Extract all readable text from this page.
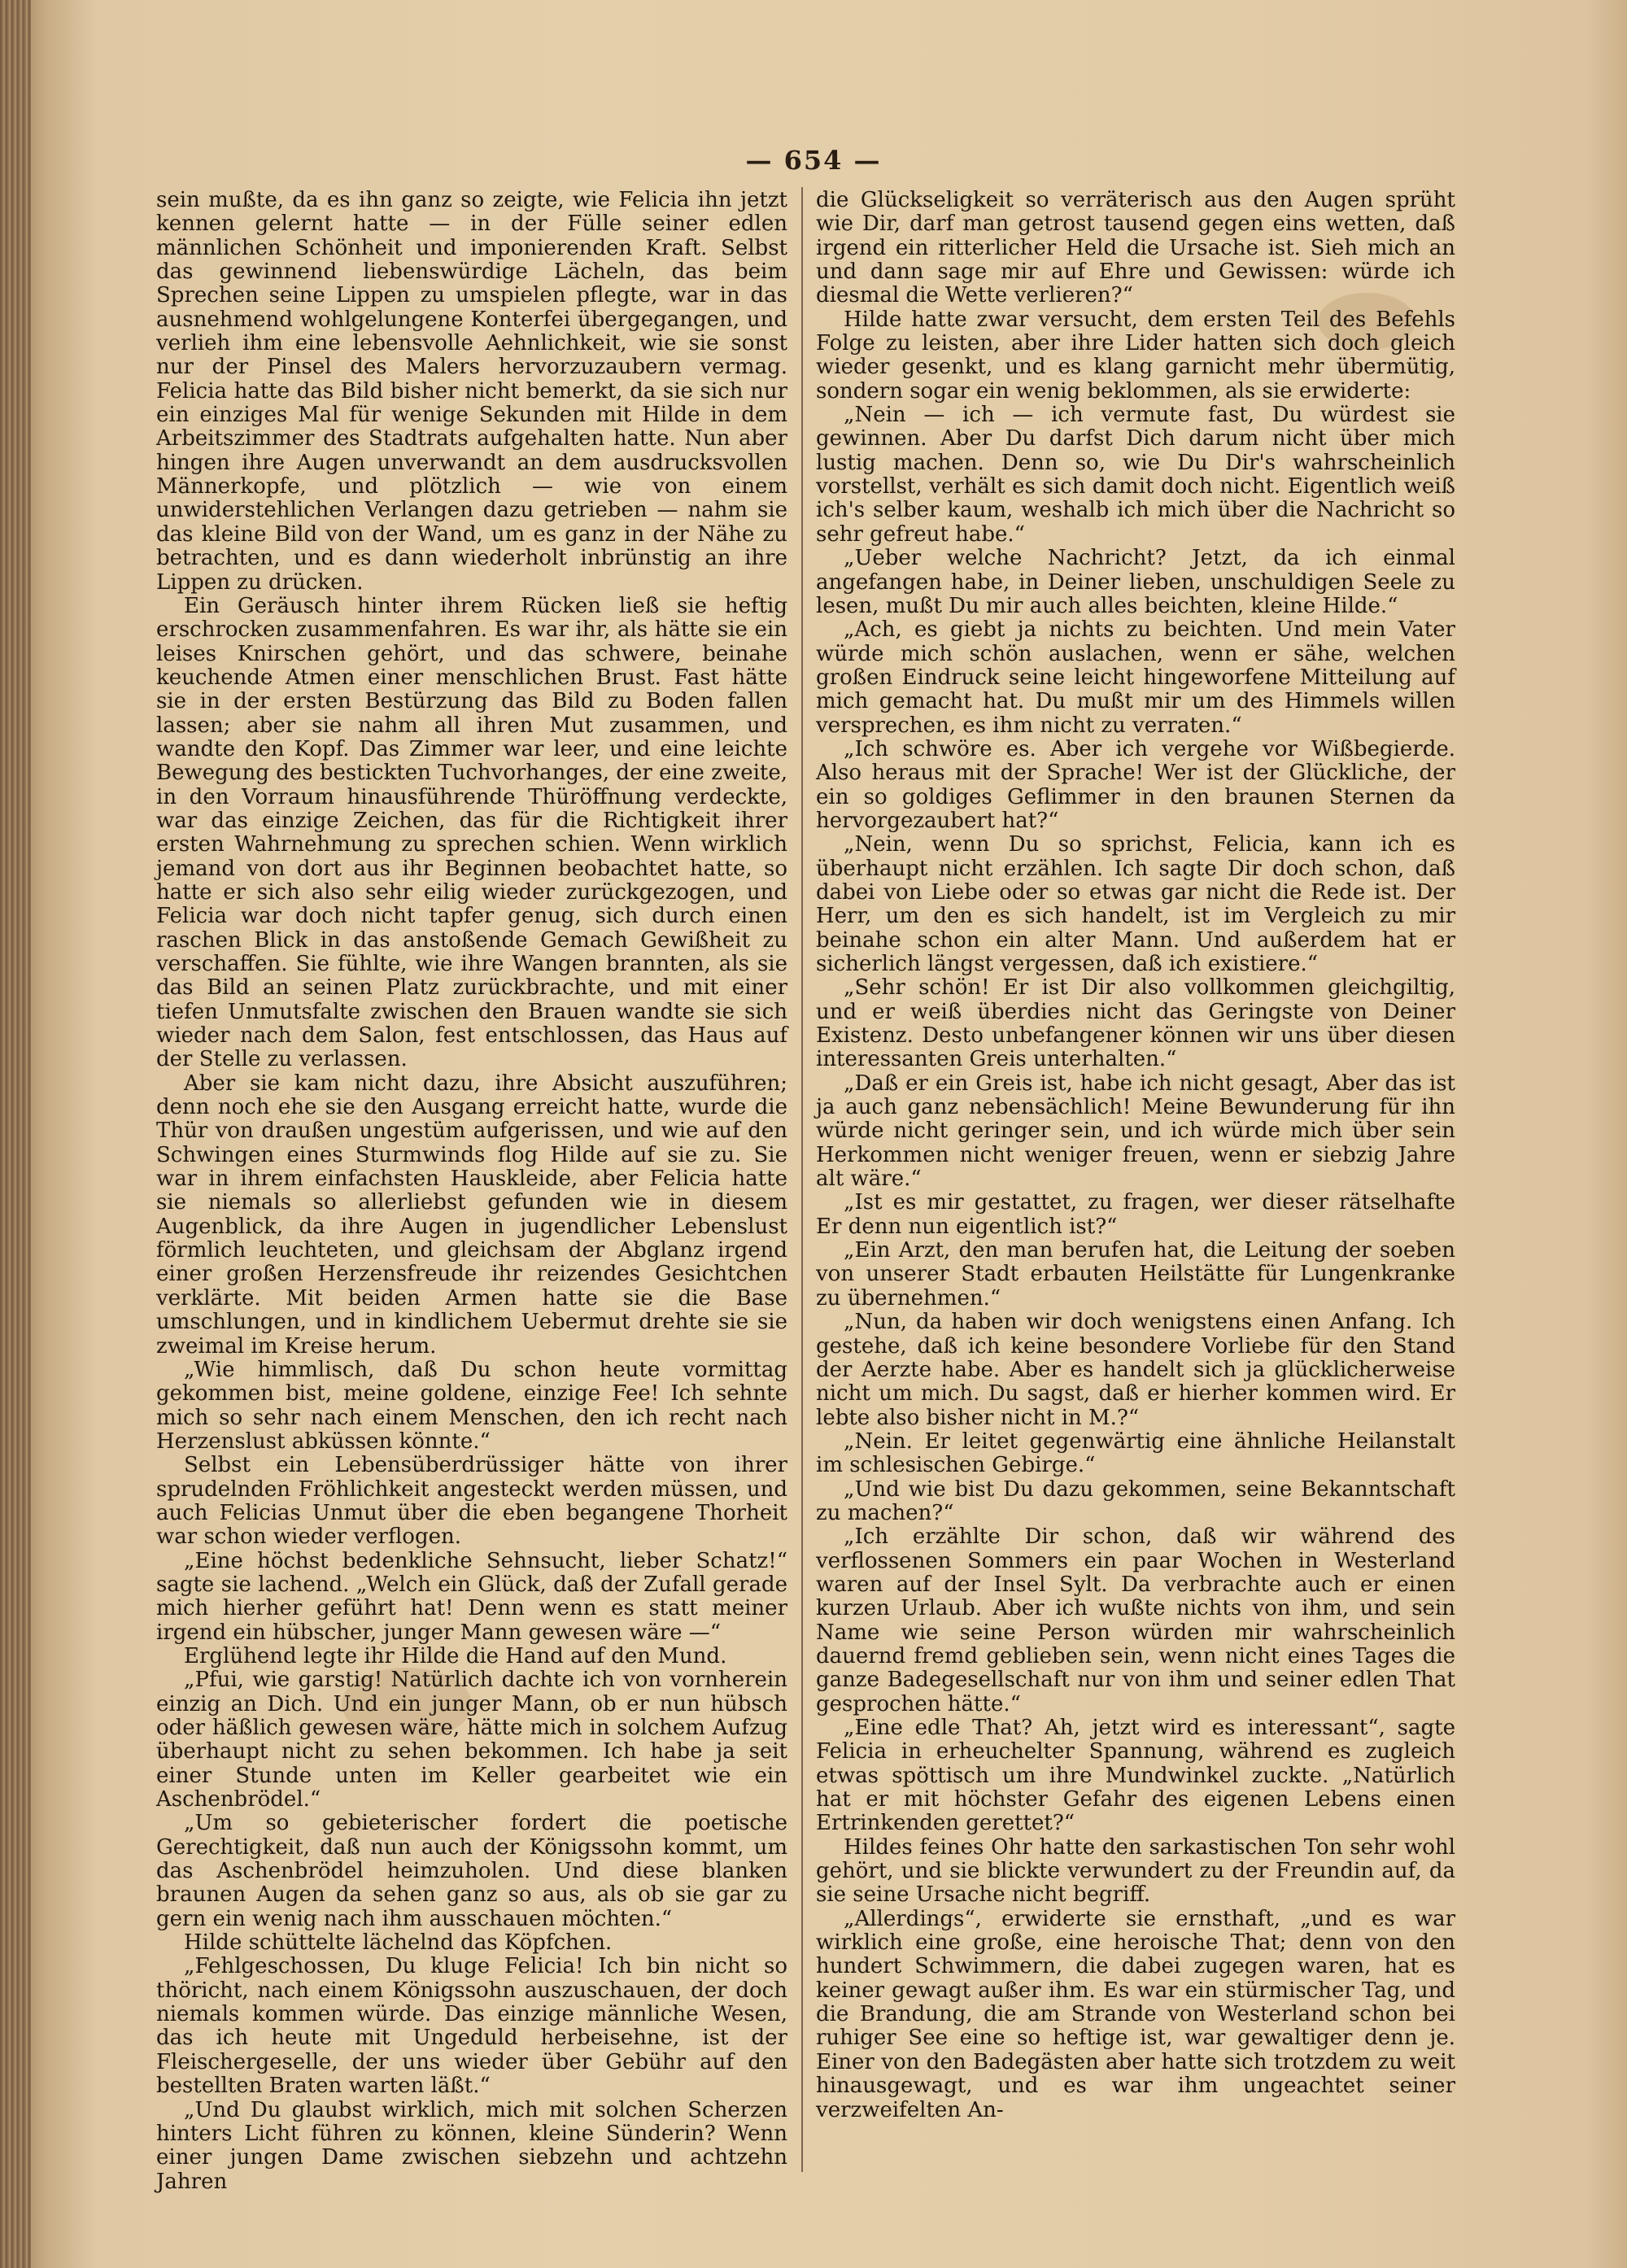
— 654 —

sein mußte, da es ihn ganz so zeigte, wie Felicia ihn jetzt kennen gelernt hatte — in der Fülle seiner edlen männlichen Schönheit und imponierenden Kraft. Selbst das gewinnend liebenswürdige Lächeln, das beim Sprechen seine Lippen zu umspielen pflegte, war in das ausnehmend wohlgelungene Konterfei übergegangen, und verlieh ihm eine lebensvolle Aehnlichkeit, wie sie sonst nur der Pinsel des Malers hervorzuzaubern vermag. Felicia hatte das Bild bisher nicht bemerkt, da sie sich nur ein einziges Mal für wenige Sekunden mit Hilde in dem Arbeitszimmer des Stadtrats aufgehalten hatte. Nun aber hingen ihre Augen unverwandt an dem ausdrucksvollen Männerkopfe, und plötzlich — wie von einem unwiderstehlichen Verlangen dazu getrieben — nahm sie das kleine Bild von der Wand, um es ganz in der Nähe zu betrachten, und es dann wiederholt inbrünstig an ihre Lippen zu drücken.

Ein Geräusch hinter ihrem Rücken ließ sie heftig erschrocken zusammenfahren. Es war ihr, als hätte sie ein leises Knirschen gehört, und das schwere, beinahe keuchende Atmen einer menschlichen Brust. Fast hätte sie in der ersten Bestürzung das Bild zu Boden fallen lassen; aber sie nahm all ihren Mut zusammen, und wandte den Kopf. Das Zimmer war leer, und eine leichte Bewegung des bestickten Tuchvorhanges, der eine zweite, in den Vorraum hinausführende Thüröffnung verdeckte, war das einzige Zeichen, das für die Richtigkeit ihrer ersten Wahrnehmung zu sprechen schien. Wenn wirklich jemand von dort aus ihr Beginnen beobachtet hatte, so hatte er sich also sehr eilig wieder zurückgezogen, und Felicia war doch nicht tapfer genug, sich durch einen raschen Blick in das anstoßende Gemach Gewißheit zu verschaffen. Sie fühlte, wie ihre Wangen brannten, als sie das Bild an seinen Platz zurückbrachte, und mit einer tiefen Unmutsfalte zwischen den Brauen wandte sie sich wieder nach dem Salon, fest entschlossen, das Haus auf der Stelle zu verlassen.

Aber sie kam nicht dazu, ihre Absicht auszuführen; denn noch ehe sie den Ausgang erreicht hatte, wurde die Thür von draußen ungestüm aufgerissen, und wie auf den Schwingen eines Sturmwinds flog Hilde auf sie zu. Sie war in ihrem einfachsten Hauskleide, aber Felicia hatte sie niemals so allerliebst gefunden wie in diesem Augenblick, da ihre Augen in jugendlicher Lebenslust förmlich leuchteten, und gleichsam der Abglanz irgend einer großen Herzensfreude ihr reizendes Gesichtchen verklärte. Mit beiden Armen hatte sie die Base umschlungen, und in kindlichem Uebermut drehte sie sie zweimal im Kreise herum.

„Wie himmlisch, daß Du schon heute vormittag gekommen bist, meine goldene, einzige Fee! Ich sehnte mich so sehr nach einem Menschen, den ich recht nach Herzenslust abküssen könnte.“

Selbst ein Lebensüberdrüssiger hätte von ihrer sprudelnden Fröhlichkeit angesteckt werden müssen, und auch Felicias Unmut über die eben begangene Thorheit war schon wieder verflogen.

„Eine höchst bedenkliche Sehnsucht, lieber Schatz!“ sagte sie lachend. „Welch ein Glück, daß der Zufall gerade mich hierher geführt hat! Denn wenn es statt meiner irgend ein hübscher, junger Mann gewesen wäre —“

Erglühend legte ihr Hilde die Hand auf den Mund.

„Pfui, wie garstig! Natürlich dachte ich von vornherein einzig an Dich. Und ein junger Mann, ob er nun hübsch oder häßlich gewesen wäre, hätte mich in solchem Aufzug überhaupt nicht zu sehen bekommen. Ich habe ja seit einer Stunde unten im Keller gearbeitet wie ein Aschenbrödel.“

„Um so gebieterischer fordert die poetische Gerechtigkeit, daß nun auch der Königssohn kommt, um das Aschenbrödel heimzuholen. Und diese blanken braunen Augen da sehen ganz so aus, als ob sie gar zu gern ein wenig nach ihm ausschauen möchten.“

Hilde schüttelte lächelnd das Köpfchen.

„Fehlgeschossen, Du kluge Felicia! Ich bin nicht so thöricht, nach einem Königssohn auszuschauen, der doch niemals kommen würde. Das einzige männliche Wesen, das ich heute mit Ungeduld herbeisehne, ist der Fleischergeselle, der uns wieder über Gebühr auf den bestellten Braten warten läßt.“

„Und Du glaubst wirklich, mich mit solchen Scherzen hinters Licht führen zu können, kleine Sünderin? Wenn einer jungen Dame zwischen siebzehn und achtzehn Jahren

die Glückseligkeit so verräterisch aus den Augen sprüht wie Dir, darf man getrost tausend gegen eins wetten, daß irgend ein ritterlicher Held die Ursache ist. Sieh mich an und dann sage mir auf Ehre und Gewissen: würde ich diesmal die Wette verlieren?“

Hilde hatte zwar versucht, dem ersten Teil des Befehls Folge zu leisten, aber ihre Lider hatten sich doch gleich wieder gesenkt, und es klang garnicht mehr übermütig, sondern sogar ein wenig beklommen, als sie erwiderte:

„Nein — ich — ich vermute fast, Du würdest sie gewinnen. Aber Du darfst Dich darum nicht über mich lustig machen. Denn so, wie Du Dir's wahrscheinlich vorstellst, verhält es sich damit doch nicht. Eigentlich weiß ich's selber kaum, weshalb ich mich über die Nachricht so sehr gefreut habe.“

„Ueber welche Nachricht? Jetzt, da ich einmal angefangen habe, in Deiner lieben, unschuldigen Seele zu lesen, mußt Du mir auch alles beichten, kleine Hilde.“

„Ach, es giebt ja nichts zu beichten. Und mein Vater würde mich schön auslachen, wenn er sähe, welchen großen Eindruck seine leicht hingeworfene Mitteilung auf mich gemacht hat. Du mußt mir um des Himmels willen versprechen, es ihm nicht zu verraten.“

„Ich schwöre es. Aber ich vergehe vor Wißbegierde. Also heraus mit der Sprache! Wer ist der Glückliche, der ein so goldiges Geflimmer in den braunen Sternen da hervorgezaubert hat?“

„Nein, wenn Du so sprichst, Felicia, kann ich es überhaupt nicht erzählen. Ich sagte Dir doch schon, daß dabei von Liebe oder so etwas gar nicht die Rede ist. Der Herr, um den es sich handelt, ist im Vergleich zu mir beinahe schon ein alter Mann. Und außerdem hat er sicherlich längst vergessen, daß ich existiere.“

„Sehr schön! Er ist Dir also vollkommen gleichgiltig, und er weiß überdies nicht das Geringste von Deiner Existenz. Desto unbefangener können wir uns über diesen interessanten Greis unterhalten.“

„Daß er ein Greis ist, habe ich nicht gesagt, Aber das ist ja auch ganz nebensächlich! Meine Bewunderung für ihn würde nicht geringer sein, und ich würde mich über sein Herkommen nicht weniger freuen, wenn er siebzig Jahre alt wäre.“

„Ist es mir gestattet, zu fragen, wer dieser rätselhafte Er denn nun eigentlich ist?“

„Ein Arzt, den man berufen hat, die Leitung der soeben von unserer Stadt erbauten Heilstätte für Lungenkranke zu übernehmen.“

„Nun, da haben wir doch wenigstens einen Anfang. Ich gestehe, daß ich keine besondere Vorliebe für den Stand der Aerzte habe. Aber es handelt sich ja glücklicherweise nicht um mich. Du sagst, daß er hierher kommen wird. Er lebte also bisher nicht in M.?“

„Nein. Er leitet gegenwärtig eine ähnliche Heilanstalt im schlesischen Gebirge.“

„Und wie bist Du dazu gekommen, seine Bekanntschaft zu machen?“

„Ich erzählte Dir schon, daß wir während des verflossenen Sommers ein paar Wochen in Westerland waren auf der Insel Sylt. Da verbrachte auch er einen kurzen Urlaub. Aber ich wußte nichts von ihm, und sein Name wie seine Person würden mir wahrscheinlich dauernd fremd geblieben sein, wenn nicht eines Tages die ganze Badegesellschaft nur von ihm und seiner edlen That gesprochen hätte.“

„Eine edle That? Ah, jetzt wird es interessant“, sagte Felicia in erheuchelter Spannung, während es zugleich etwas spöttisch um ihre Mundwinkel zuckte. „Natürlich hat er mit höchster Gefahr des eigenen Lebens einen Ertrinkenden gerettet?“

Hildes feines Ohr hatte den sarkastischen Ton sehr wohl gehört, und sie blickte verwundert zu der Freundin auf, da sie seine Ursache nicht begriff.

„Allerdings“, erwiderte sie ernsthaft, „und es war wirklich eine große, eine heroische That; denn von den hundert Schwimmern, die dabei zugegen waren, hat es keiner gewagt außer ihm. Es war ein stürmischer Tag, und die Brandung, die am Strande von Westerland schon bei ruhiger See eine so heftige ist, war gewaltiger denn je. Einer von den Badegästen aber hatte sich trotzdem zu weit hinausgewagt, und es war ihm ungeachtet seiner verzweifelten An-
